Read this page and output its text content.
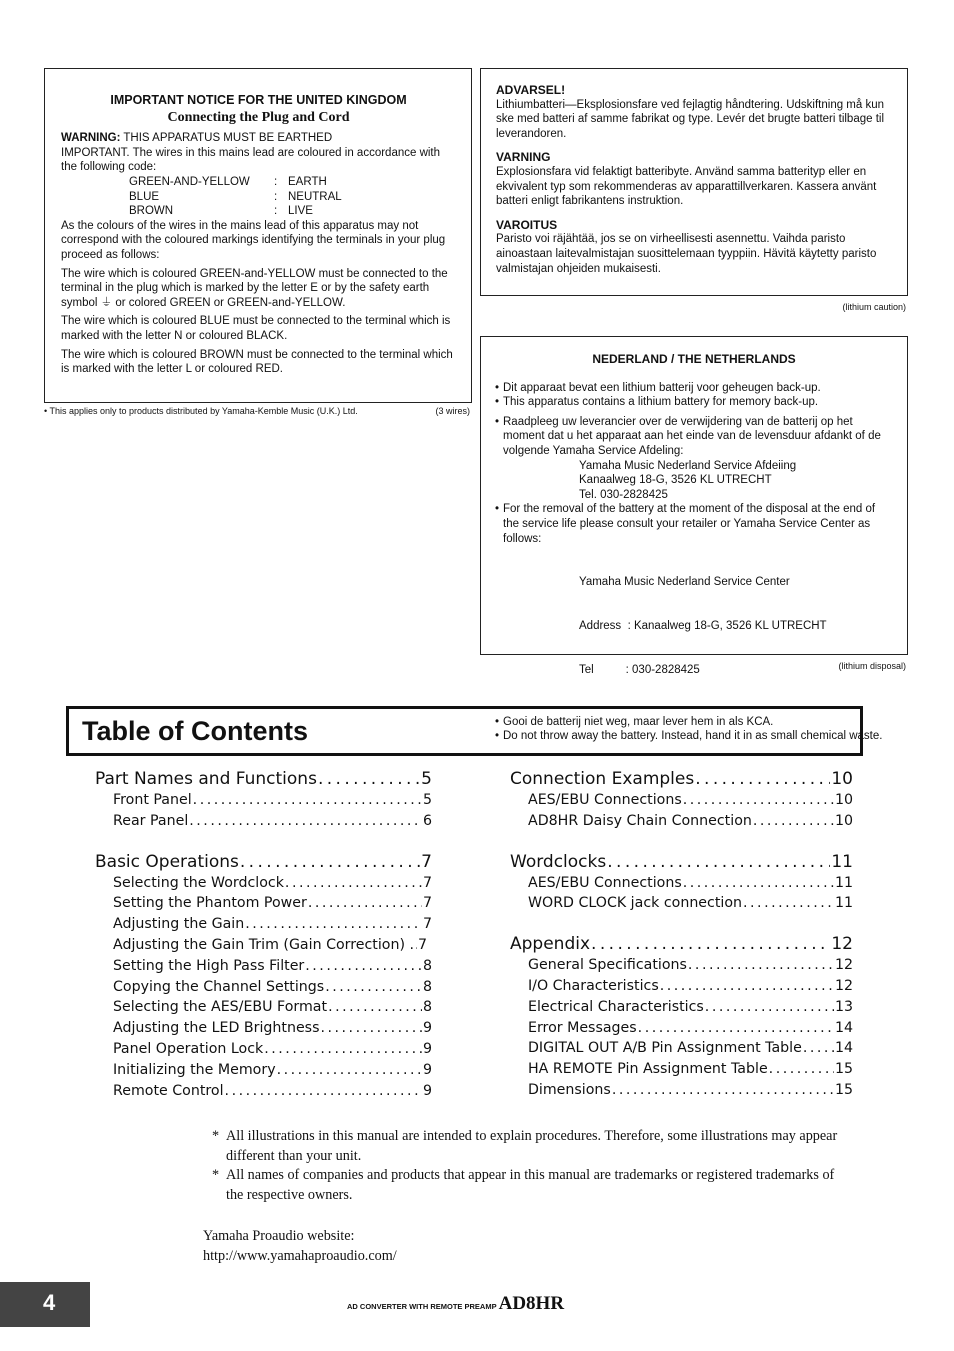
IMPORTANT NOTICE FOR THE UNITED KINGDOM

Connecting the Plug and Cord

WARNING: THIS APPARATUS MUST BE EARTHED

IMPORTANT. The wires in this mains lead are coloured in accordance with the following code:

GREEN-AND-YELLOW	: EARTH
BLUE	: NEUTRAL
BROWN	: LIVE

As the colours of the wires in the mains lead of this apparatus may not correspond with the coloured markings identifying the terminals in your plug proceed as follows:

The wire which is coloured GREEN-and-YELLOW must be connected to the terminal in the plug which is marked by the letter E or by the safety earth symbol ⏚ or colored GREEN or GREEN-and-YELLOW.

The wire which is coloured BLUE must be connected to the terminal which is marked with the letter N or coloured BLACK.

The wire which is coloured BROWN must be connected to the terminal which is marked with the letter L or coloured RED.

• This applies only to products distributed by Yamaha-Kemble Music (U.K.) Ltd.	(3 wires)

ADVARSEL!

Lithiumbatteri—Eksplosionsfare ved fejlagtig håndtering. Udskiftning må kun ske med batteri af samme fabrikat og type. Levér det brugte batteri tilbage til leverandoren.

VARNING

Explosionsfara vid felaktigt batteribyte. Använd samma batterityp eller en ekvivalent typ som rekommenderas av apparattillverkaren. Kassera använt batteri enligt fabrikantens instruktion.

VAROITUS

Paristo voi räjähtää, jos se on virheellisesti asennettu. Vaihda paristo ainoastaan laitevalmistajan suosittelemaan tyyppiin. Hävitä käytetty paristo valmistajan ohjeiden mukaisesti.

(lithium caution)

NEDERLAND / THE NETHERLANDS

• Dit apparaat bevat een lithium batterij voor geheugen back-up.
• This apparatus contains a lithium battery for memory back-up.
• Raadpleeg uw leverancier over de verwijdering van de batterij op het moment dat u het apparaat aan het einde van de levensduur afdankt of de volgende Yamaha Service Afdeling:
Yamaha Music Nederland Service Afdeiing
Kanaalweg 18-G, 3526 KL UTRECHT
Tel. 030-2828425
• For the removal of the battery at the moment of the disposal at the end of the service life please consult your retailer or Yamaha Service Center as follows:

Yamaha Music Nederland Service Center

Address  : Kanaalweg 18-G, 3526 KL UTRECHT

Tel          : 030-2828425

• Gooi de batterij niet weg, maar lever hem in als KCA.
• Do not throw away the battery. Instead, hand it in as small chemical waste.
(lithium disposal)
Table of Contents
Part Names and Functions . . .	5
Front Panel . . .	5
Rear Panel . . .	6
Basic Operations . . .	7
Selecting the Wordclock . . .	7
Setting the Phantom Power . . .	7
Adjusting the Gain . . .	7
Adjusting the Gain Trim (Gain Correction) . . . . 7
Setting the High Pass Filter . . .	8
Copying the Channel Settings . . .	8
Selecting the AES/EBU Format . . .	8
Adjusting the LED Brightness . . .	9
Panel Operation Lock . . .	9
Initializing the Memory . . .	9
Remote Control . . .	9
Connection Examples . . .	10
AES/EBU Connections . . .	10
AD8HR Daisy Chain Connection . . .	10
Wordclocks . . .	11
AES/EBU Connections . . .	11
WORD CLOCK jack connection . . .	11
Appendix . . .	12
General Specifications . . .	12
I/O Characteristics . . .	12
Electrical Characteristics . . .	13
Error Messages . . .	14
DIGITAL OUT A/B Pin Assignment Table . . . 14
HA REMOTE Pin Assignment Table . . .	15
Dimensions . . .	15
* All illustrations in this manual are intended to explain procedures. Therefore, some illustrations may appear different than your unit.
* All names of companies and products that appear in this manual are trademarks or registered trademarks of the respective owners.
Yamaha Proaudio website:
http://www.yamahaproaudio.com/
4	AD CONVERTER WITH REMOTE PREAMP AD8HR
